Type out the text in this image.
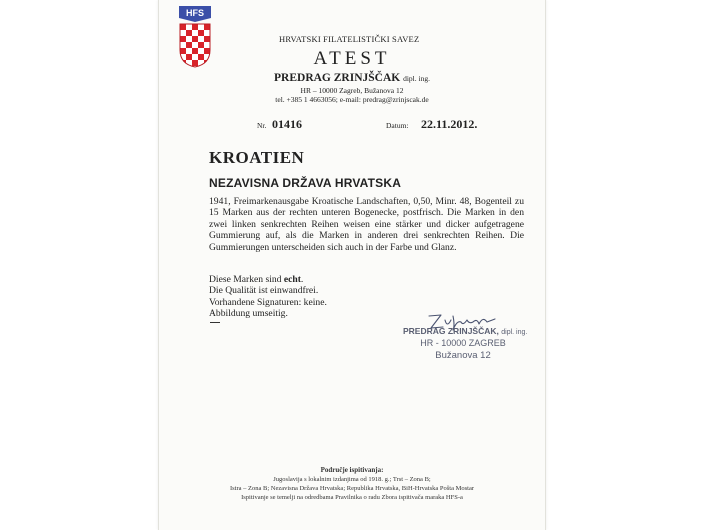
HFS
HRVATSKI FILATELISTIČKI SAVEZ
ATEST
PREDRAG ZRINJŠČAK dipl. ing.
HR – 10000 Zagreb, Bužanova 12
tel. +385 1 4663056; e-mail: predrag@zrinjscak.de
Nr. 01416	Datum: 22.11.2012.
KROATIEN
NEZAVISNA DRŽAVA HRVATSKA
1941, Freimarkenausgabe Kroatische Landschaften, 0,50, Minr. 48, Bogenteil zu 15 Marken aus der rechten unteren Bogenecke, postfrisch. Die Marken in den zwei linken senkrechten Reihen weisen eine stärker und dicker aufgetragene Gummierung auf, als die Marken in anderen drei senkrechten Reihen. Die Gummierungen unterscheiden sich auch in der Farbe und Glanz.
Diese Marken sind echt.
Die Qualität ist einwandfrei.
Vorhandene Signaturen: keine.
Abbildung umseitig.
PREDRAG ZRINJŠČAK, dipl. ing.
HR - 10000 ZAGREB
Bužanova 12
Područje ispitivanja:
Jugoslavija s lokalnim izdanjima od 1918. g.; Trst – Zona B;
Istra – Zona B; Nezavisna Država Hrvatska; Republika Hrvatska, BiH-Hrvatska Pošta Mostar
Ispitivanje se temelji na odredbama Pravilnika o radu Zbora ispitivača maraka HFS-a
